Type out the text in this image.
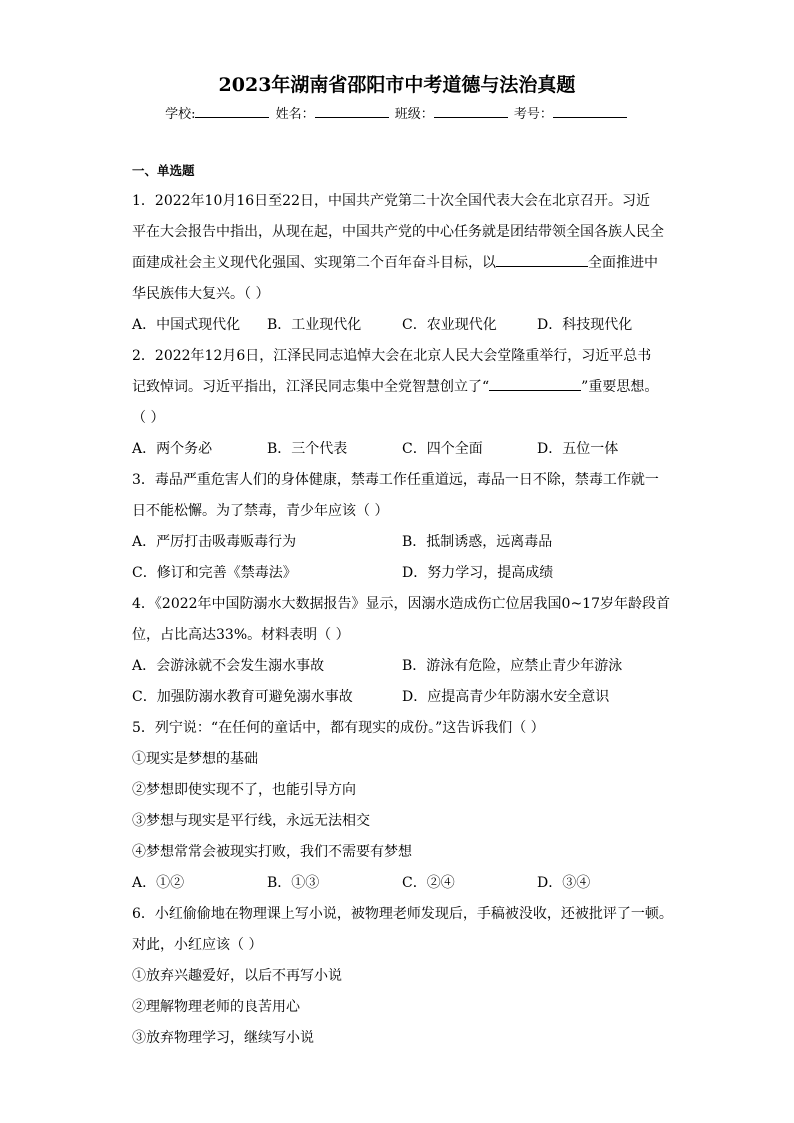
2023年湖南省邵阳市中考道德与法治真题
学校:	姓名：	班级：	考号：
一、单选题
1．2022年10月16日至22日，中国共产党第二十次全国代表大会在北京召开。习近
平在大会报告中指出，从现在起，中国共产党的中心任务就是团结带领全国各族人民全
面建成社会主义现代化强国、实现第二个百年奋斗目标，以	全面推进中
华民族伟大复兴。（ ）
A．中国式现代化	B．工业现代化	C．农业现代化	D．科技现代化
2．2022年12月6日，江泽民同志追悼大会在北京人民大会堂隆重举行，习近平总书
记致悼词。习近平指出，江泽民同志集中全党智慧创立了“	”重要思想。
（ ）
A．两个务必	B．三个代表	C．四个全面	D．五位一体
3．毒品严重危害人们的身体健康，禁毒工作任重道远，毒品一日不除，禁毒工作就一
日不能松懈。为了禁毒，青少年应该（ ）
A．严厉打击吸毒贩毒行为	B．抵制诱惑，远离毒品
C．修订和完善《禁毒法》	D．努力学习，提高成绩
4．《2022年中国防溺水大数据报告》显示，因溺水造成伤亡位居我国0~17岁年龄段首
位，占比高达33%。材料表明（ ）
A．会游泳就不会发生溺水事故	B．游泳有危险，应禁止青少年游泳
C．加强防溺水教育可避免溺水事故	D．应提高青少年防溺水安全意识
5．列宁说：“在任何的童话中，都有现实的成份。”这告诉我们（ ）
①现实是梦想的基础
②梦想即使实现不了，也能引导方向
③梦想与现实是平行线，永远无法相交
④梦想常常会被现实打败，我们不需要有梦想
A．①②	B．①③	C．②④	D．③④
6．小红偷偷地在物理课上写小说，被物理老师发现后，手稿被没收，还被批评了一顿。
对此，小红应该（ ）
①放弃兴趣爱好，以后不再写小说
②理解物理老师的良苦用心
③放弃物理学习，继续写小说
